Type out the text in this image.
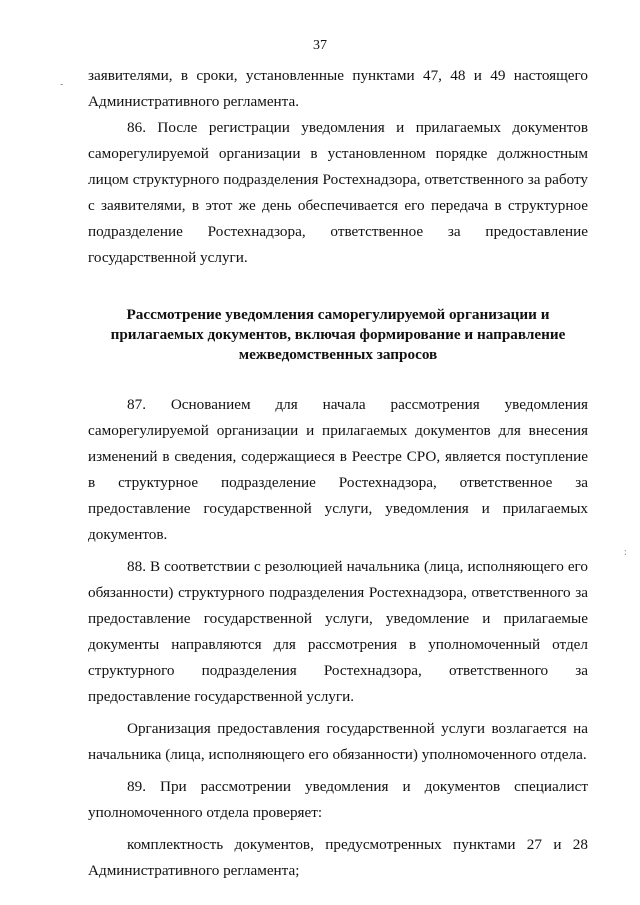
37

заявителями, в сроки, установленные пунктами 47, 48 и 49 настоящего Административного регламента.

86. После регистрации уведомления и прилагаемых документов саморегулируемой организации в установленном порядке должностным лицом структурного подразделения Ростехнадзора, ответственного за работу с заявителями, в этот же день обеспечивается его передача в структурное подразделение Ростехнадзора, ответственное за предоставление государственной услуги.

Рассмотрение уведомления саморегулируемой организации и прилагаемых документов, включая формирование и направление межведомственных запросов

87. Основанием для начала рассмотрения уведомления саморегулируемой организации и прилагаемых документов для внесения изменений в сведения, содержащиеся в Реестре СРО, является поступление в структурное подразделение Ростехнадзора, ответственное за предоставление государственной услуги, уведомления и прилагаемых документов.

88. В соответствии с резолюцией начальника (лица, исполняющего его обязанности) структурного подразделения Ростехнадзора, ответственного за предоставление государственной услуги, уведомление и прилагаемые документы направляются для рассмотрения в уполномоченный отдел структурного подразделения Ростехнадзора, ответственного за предоставление государственной услуги.

Организация предоставления государственной услуги возлагается на начальника (лица, исполняющего его обязанности) уполномоченного отдела.

89. При рассмотрении уведомления и документов специалист уполномоченного отдела проверяет:

комплектность документов, предусмотренных пунктами 27 и 28 Административного регламента;

-
:
